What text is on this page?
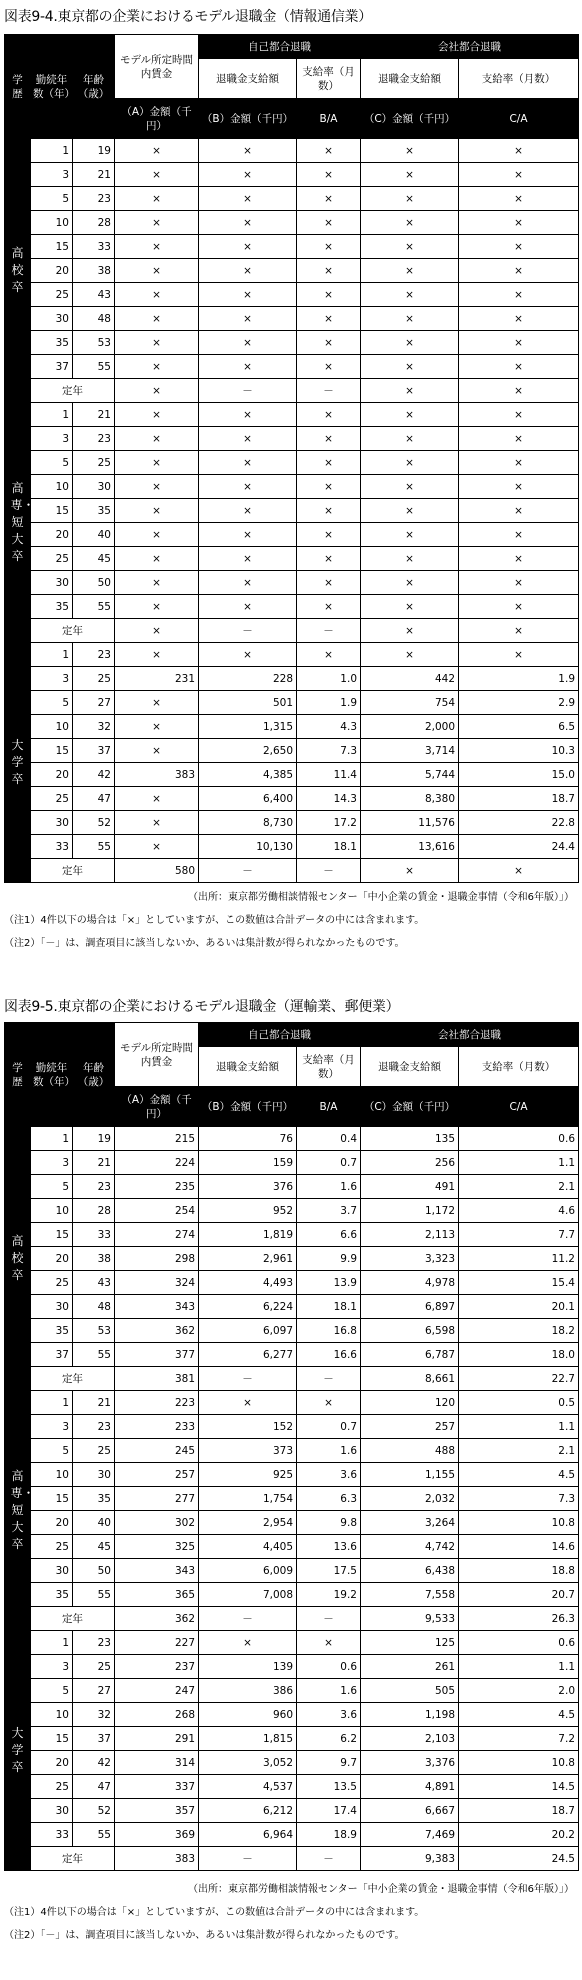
図表9-4.東京都の企業におけるモデル退職金（情報通信業）
学歴	勤続年数（年）	年齢（歳）	モデル所定時間内賃金	自己都合退職		会社都合退職	
				退職金支給額	支給率（月数）	退職金支給額	支給率（月数）
			（A）金額（千円）	（B）金額（千円）	B/A	（C）金額（千円）	C/A
高校卒	1	19	×	×	×	×	×
	3	21	×	×	×	×	×
	5	23	×	×	×	×	×
	10	28	×	×	×	×	×
	15	33	×	×	×	×	×
	20	38	×	×	×	×	×
	25	43	×	×	×	×	×
	30	48	×	×	×	×	×
	35	53	×	×	×	×	×
	37	55	×	×	×	×	×
	定年		×	－	－	×	×
高専・短大卒	1	21	×	×	×	×	×
	3	23	×	×	×	×	×
	5	25	×	×	×	×	×
	10	30	×	×	×	×	×
	15	35	×	×	×	×	×
	20	40	×	×	×	×	×
	25	45	×	×	×	×	×
	30	50	×	×	×	×	×
	35	55	×	×	×	×	×
	定年		×	－	－	×	×
大学卒	1	23	×	×	×	×	×
	3	25	231	228	1.0	442	1.9
	5	27	×	501	1.9	754	2.9
	10	32	×	1,315	4.3	2,000	6.5
	15	37	×	2,650	7.3	3,714	10.3
	20	42	383	4,385	11.4	5,744	15.0
	25	47	×	6,400	14.3	8,380	18.7
	30	52	×	8,730	17.2	11,576	22.8
	33	55	×	10,130	18.1	13,616	24.4
	定年		580	－	－	×	×
（出所：東京都労働相談情報センター「中小企業の賃金・退職金事情（令和6年版）」）
（注1）4件以下の場合は「×」としていますが、この数値は合計データの中には含まれます。
（注2）「－」は、調査項目に該当しないか、あるいは集計数が得られなかったものです。
図表9-5.東京都の企業におけるモデル退職金（運輸業、郵便業）
学歴	勤続年数（年）	年齢（歳）	モデル所定時間内賃金	自己都合退職		会社都合退職	
				退職金支給額	支給率（月数）	退職金支給額	支給率（月数）
			（A）金額（千円）	（B）金額（千円）	B/A	（C）金額（千円）	C/A
高校卒	1	19	215	76	0.4	135	0.6
	3	21	224	159	0.7	256	1.1
	5	23	235	376	1.6	491	2.1
	10	28	254	952	3.7	1,172	4.6
	15	33	274	1,819	6.6	2,113	7.7
	20	38	298	2,961	9.9	3,323	11.2
	25	43	324	4,493	13.9	4,978	15.4
	30	48	343	6,224	18.1	6,897	20.1
	35	53	362	6,097	16.8	6,598	18.2
	37	55	377	6,277	16.6	6,787	18.0
	定年		381	－	－	8,661	22.7
高専・短大卒	1	21	223	×	×	120	0.5
	3	23	233	152	0.7	257	1.1
	5	25	245	373	1.6	488	2.1
	10	30	257	925	3.6	1,155	4.5
	15	35	277	1,754	6.3	2,032	7.3
	20	40	302	2,954	9.8	3,264	10.8
	25	45	325	4,405	13.6	4,742	14.6
	30	50	343	6,009	17.5	6,438	18.8
	35	55	365	7,008	19.2	7,558	20.7
	定年		362	－	－	9,533	26.3
大学卒	1	23	227	×	×	125	0.6
	3	25	237	139	0.6	261	1.1
	5	27	247	386	1.6	505	2.0
	10	32	268	960	3.6	1,198	4.5
	15	37	291	1,815	6.2	2,103	7.2
	20	42	314	3,052	9.7	3,376	10.8
	25	47	337	4,537	13.5	4,891	14.5
	30	52	357	6,212	17.4	6,667	18.7
	33	55	369	6,964	18.9	7,469	20.2
	定年		383	－	－	9,383	24.5
（出所：東京都労働相談情報センター「中小企業の賃金・退職金事情（令和6年版）」）
（注1）4件以下の場合は「×」としていますが、この数値は合計データの中には含まれます。
（注2）「－」は、調査項目に該当しないか、あるいは集計数が得られなかったものです。
